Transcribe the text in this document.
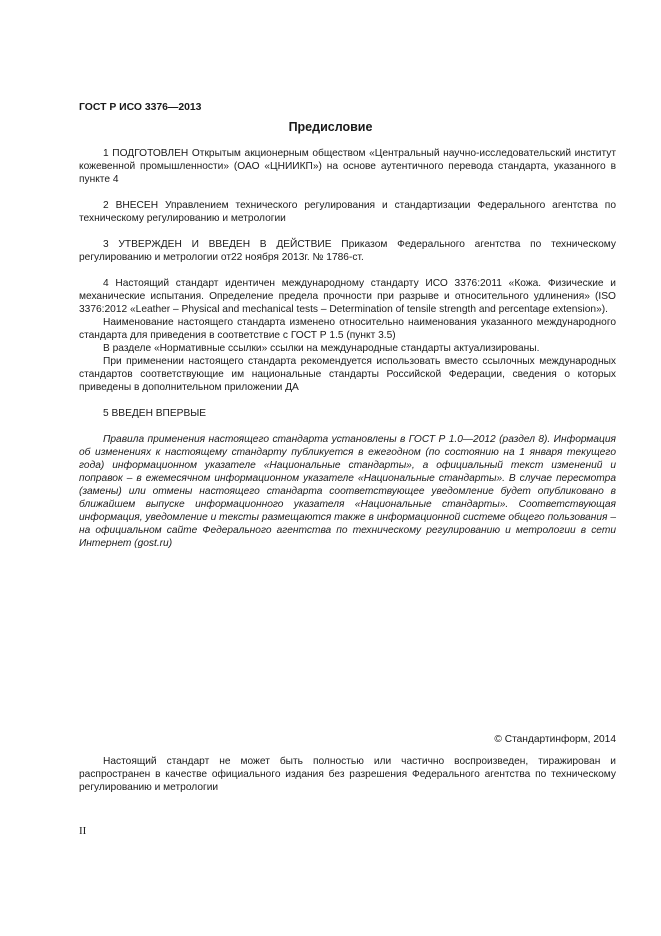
ГОСТ Р ИСО 3376—2013
Предисловие

1 ПОДГОТОВЛЕН Открытым акционерным обществом «Центральный научно-исследовательский институт кожевенной промышленности» (ОАО «ЦНИИКП») на основе аутентичного перевода стандарта, указанного в пункте 4

2 ВНЕСЕН Управлением технического регулирования и стандартизации Федерального агентства по техническому регулированию и метрологии

3 УТВЕРЖДЕН И ВВЕДЕН В ДЕЙСТВИЕ Приказом Федерального агентства по техническому регулированию и метрологии от22 ноября 2013г. № 1786-ст.

4 Настоящий стандарт идентичен международному стандарту ИСО 3376:2011 «Кожа. Физические и механические испытания. Определение предела прочности при разрыве и относительного удлинения» (ISO 3376:2012 «Leather – Physical and mechanical tests – Determination of tensile strength and percentage extension»).

Наименование настоящего стандарта изменено относительно наименования указанного международного стандарта для приведения в соответствие с ГОСТ Р 1.5 (пункт 3.5)

В разделе «Нормативные ссылки» ссылки на международные стандарты актуализированы.

При применении настоящего стандарта рекомендуется использовать вместо ссылочных международных стандартов соответствующие им национальные стандарты Российской Федерации, сведения о которых приведены в дополнительном приложении ДА

5 ВВЕДЕН ВПЕРВЫЕ

Правила применения настоящего стандарта установлены в ГОСТ Р 1.0—2012 (раздел 8). Информация об изменениях к настоящему стандарту публикуется в ежегодном (по состоянию на 1 января текущего года) информационном указателе «Национальные стандарты», а официальный текст изменений и поправок – в ежемесячном информационном указателе «Национальные стандарты». В случае пересмотра (замены) или отмены настоящего стандарта соответствующее уведомление будет опубликовано в ближайшем выпуске информационного указателя «Национальные стандарты». Соответствующая информация, уведомление и тексты размещаются также в информационной системе общего пользования – на официальном сайте Федерального агентства по техническому регулированию и метрологии в сети Интернет (gost.ru)

© Стандартинформ, 2014

Настоящий стандарт не может быть полностью или частично воспроизведен, тиражирован и распространен в качестве официального издания без разрешения Федерального агентства по техническому регулированию и метрологии

II
